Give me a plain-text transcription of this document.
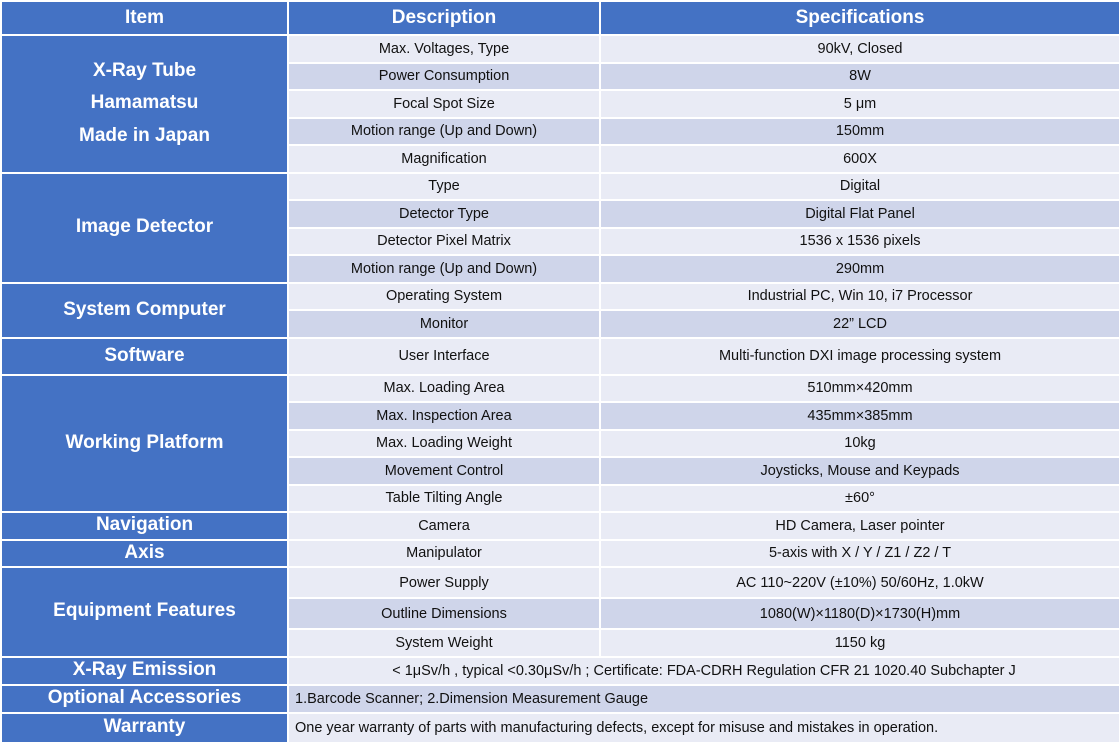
Item	Description	Specifications

X-Ray Tube
Hamamatsu
Made in Japan	Max. Voltages, Type	90kV, Closed
	Power Consumption	8W
	Focal Spot Size	5 μm
	Motion range (Up and Down)	150mm
	Magnification	600X

Image Detector	Type	Digital
	Detector Type	Digital Flat Panel
	Detector Pixel Matrix	1536 x 1536 pixels
	Motion range (Up and Down)	290mm

System Computer	Operating System	Industrial PC, Win 10, i7 Processor
	Monitor	22” LCD

Software	User Interface	Multi-function DXI image processing system

Working Platform	Max. Loading Area	510mm×420mm
	Max. Inspection Area	435mm×385mm
	Max. Loading Weight	10kg
	Movement Control	Joysticks, Mouse and Keypads
	Table Tilting Angle	±60°

Navigation	Camera	HD Camera, Laser pointer

Axis	Manipulator	5-axis with X / Y / Z1 / Z2 / T

Equipment Features	Power Supply	AC 110~220V (±10%) 50/60Hz, 1.0kW
	Outline Dimensions	1080(W)×1180(D)×1730(H)mm
	System Weight	1150 kg

X-Ray Emission	< 1μSv/h , typical <0.30μSv/h ; Certificate: FDA-CDRH Regulation CFR 21 1020.40 Subchapter J	

Optional Accessories	1.Barcode Scanner; 2.Dimension Measurement Gauge	

Warranty	One year warranty of parts with manufacturing defects, except for misuse and mistakes in operation.	
